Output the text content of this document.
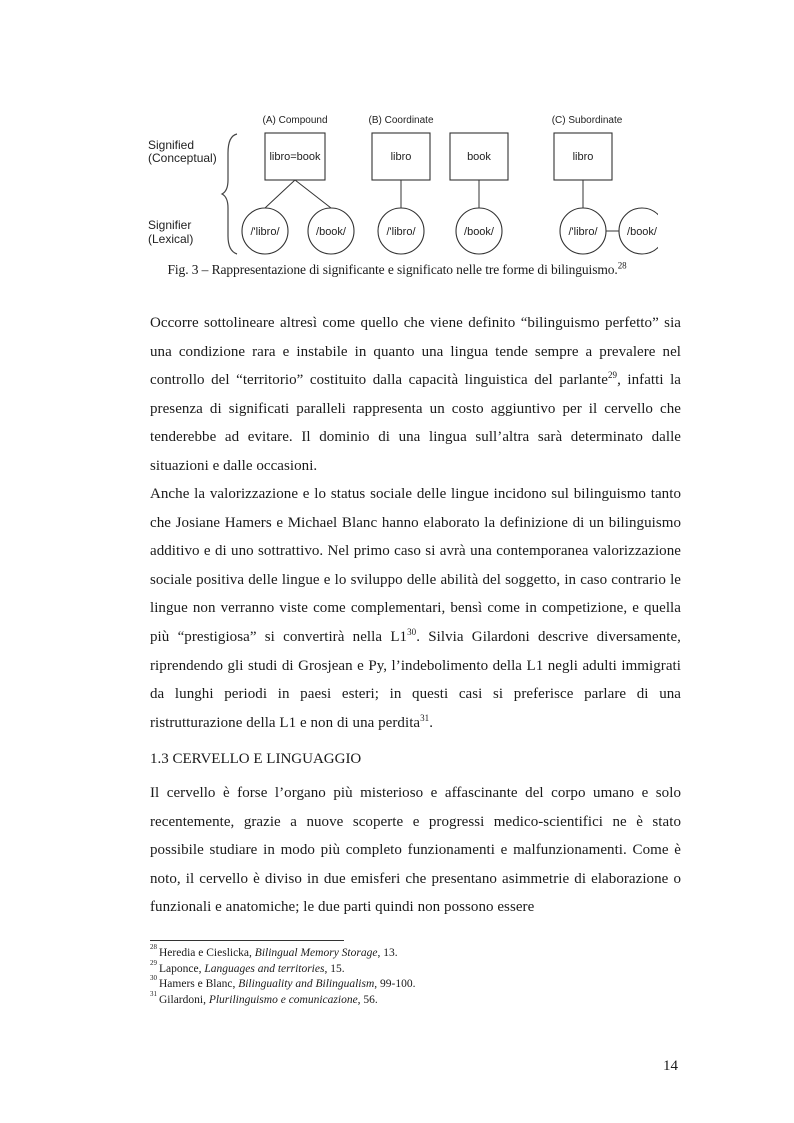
Signified
(Conceptual)
Signifier
(Lexical)
(A) Compound	(B) Coordinate	(C) Subordinate
libro=book	libro	book	libro
/'libro/	/book/	/'libro/	/book/	/'libro/	/book/
Fig. 3 – Rappresentazione di significante e significato nelle tre forme di bilinguismo.$^{28}$
Occorre sottolineare altresì come quello che viene definito “bilinguismo perfetto” sia una condizione rara e instabile in quanto una lingua tende sempre a prevalere nel controllo del “territorio” costituito dalla capacità linguistica del parlante$^{29}$, infatti la presenza di significati paralleli rappresenta un costo aggiuntivo per il cervello che tenderebbe ad evitare. Il dominio di una lingua sull’altra sarà determinato dalle situazioni e dalle occasioni.
Anche la valorizzazione e lo status sociale delle lingue incidono sul bilinguismo tanto che Josiane Hamers e Michael Blanc hanno elaborato la definizione di un bilinguismo additivo e di uno sottrattivo. Nel primo caso si avrà una contemporanea valorizzazione sociale positiva delle lingue e lo sviluppo delle abilità del soggetto, in caso contrario le lingue non verranno viste come complementari, bensì come in competizione, e quella più “prestigiosa” si convertirà nella $L1^{30}$. Silvia Gilardoni descrive diversamente, riprendendo gli studi di Grosjean e Py, l’indebolimento della L1 negli adulti immigrati da lunghi periodi in paesi esteri; in questi casi si preferisce parlare di una ristrutturazione della L1 e non di una perdita$^{31}$.
1.3 CERVELLO E LINGUAGGIO
Il cervello è forse l’organo più misterioso e affascinante del corpo umano e solo recentemente, grazie a nuove scoperte e progressi medico-scientifici ne è stato possibile studiare in modo più completo funzionamenti e malfunzionamenti. Come è noto, il cervello è diviso in due emisferi che presentano asimmetrie di elaborazione o funzionali e anatomiche; le due parti quindi non possono essere
$^{28}$ Heredia e Cieslicka, Bilingual Memory Storage, 13.
$^{29}$ Laponce, Languages and territories, 15.
$^{30}$ Hamers e Blanc, Bilinguality and Bilingualism, 99-100.
$^{31}$ Gilardoni, Plurilinguismo e comunicazione, 56.
14
